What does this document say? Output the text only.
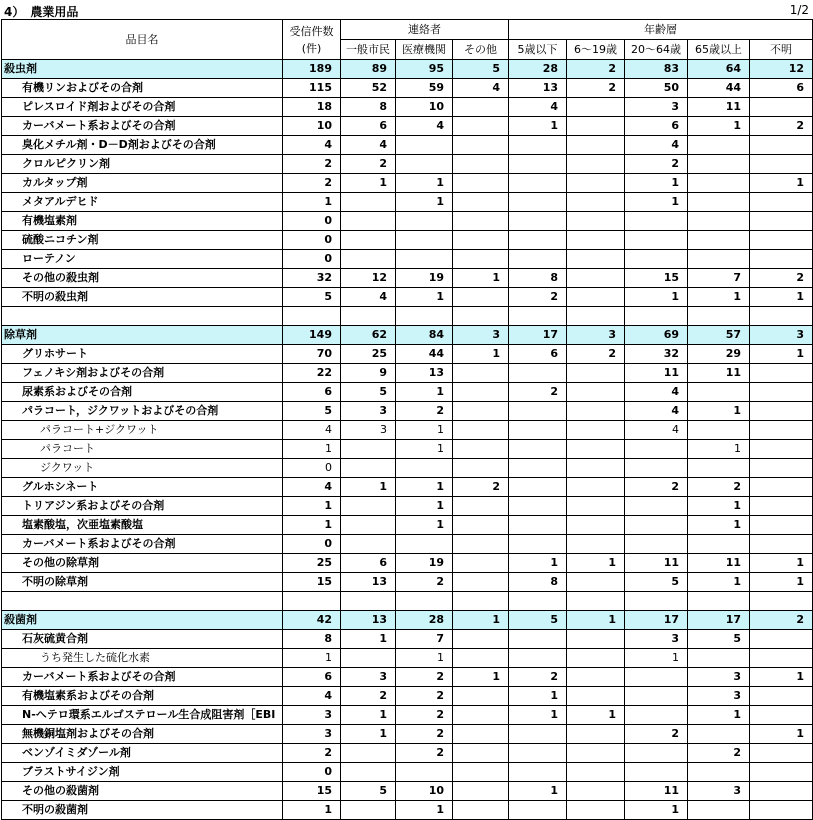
4）　農業用品	1/2
品目名	受信件数
(件)	連絡者			年齢層				
		一般市民	医療機関	その他	5歳以下	6～19歳	20～64歳	65歳以上	不明
殺虫剤	189	89	95	5	28	2	83	64	12
有機リンおよびその合剤	115	52	59	4	13	2	50	44	6
ピレスロイド剤およびその合剤	18	8	10		4		3	11	
カーバメート系およびその合剤	10	6	4		1		6	1	2
臭化メチル剤・D－D剤およびその合剤	4	4					4		
クロルピクリン剤	2	2					2		
カルタップ剤	2	1	1				1		1
メタアルデヒド	1		1				1		
有機塩素剤	0								
硫酸ニコチン剤	0								
ローテノン	0								
その他の殺虫剤	32	12	19	1	8		15	7	2
不明の殺虫剤	5	4	1		2		1	1	1

除草剤	149	62	84	3	17	3	69	57	3
グリホサート	70	25	44	1	6	2	32	29	1
フェノキシ剤およびその合剤	22	9	13				11	11	
尿素系およびその合剤	6	5	1		2		4		
パラコート，ジクワットおよびその合剤	5	3	2				4	1	
パラコート+ジクワット	4	3	1				4		
パラコート	1		1					1	
ジクワット	0								
グルホシネート	4	1	1	2			2	2	
トリアジン系およびその合剤	1		1					1	
塩素酸塩，次亜塩素酸塩	1		1					1	
カーバメート系およびその合剤	0								
その他の除草剤	25	6	19		1	1	11	11	1
不明の除草剤	15	13	2		8		5	1	1

殺菌剤	42	13	28	1	5	1	17	17	2
石灰硫黄合剤	8	1	7				3	5	
うち発生した硫化水素	1		1				1		
カーバメート系およびその合剤	6	3	2	1	2			3	1
有機塩素系およびその合剤	4	2	2		1			3	
N-ヘテロ環系エルゴステロール生合成阻害剤［EBI	3	1	2		1	1		1	
無機銅塩剤およびその合剤	3	1	2				2		1
ベンゾイミダゾール剤	2		2					2	
ブラストサイジン剤	0								
その他の殺菌剤	15	5	10		1		11	3	
不明の殺菌剤	1		1				1		
